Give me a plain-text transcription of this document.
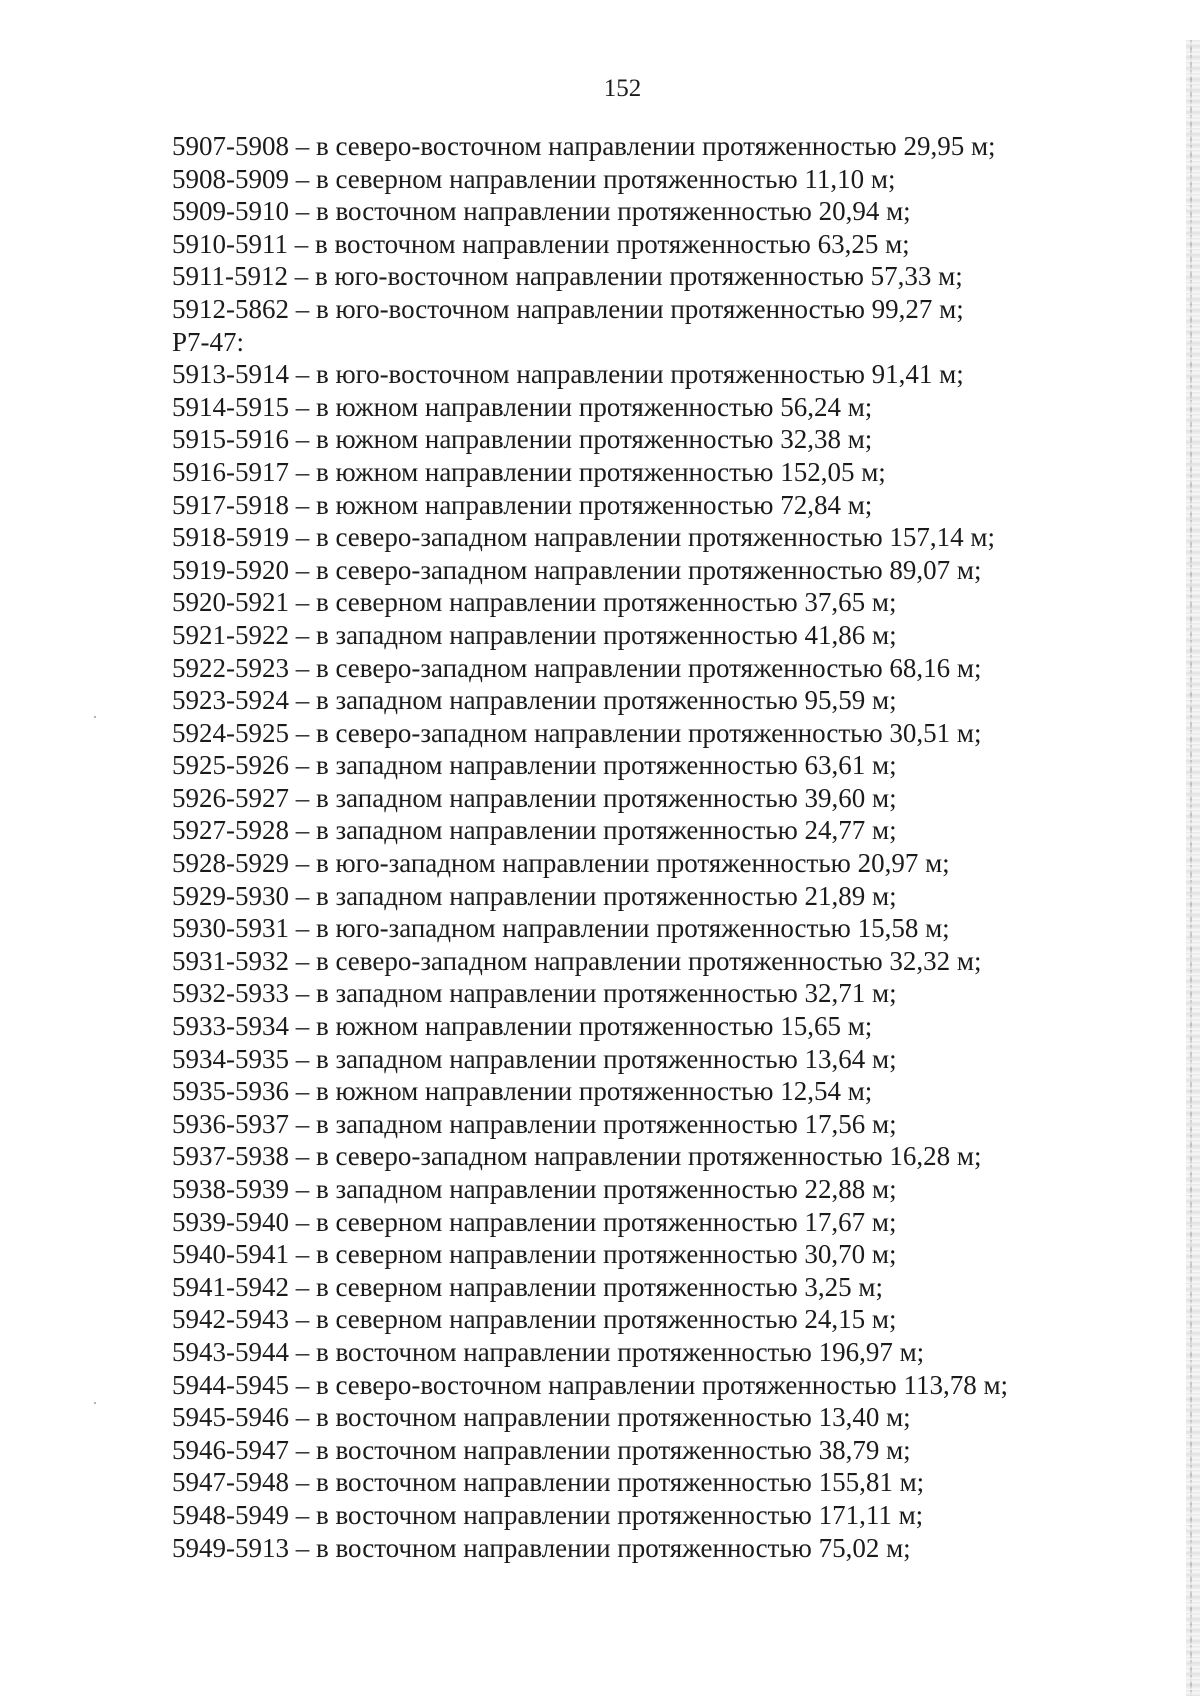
152
5907-5908 – в северо-восточном направлении протяженностью 29,95 м;
5908-5909 – в северном направлении протяженностью 11,10 м;
5909-5910 – в восточном направлении протяженностью 20,94 м;
5910-5911 – в восточном направлении протяженностью 63,25 м;
5911-5912 – в юго-восточном направлении протяженностью 57,33 м;
5912-5862 – в юго-восточном направлении протяженностью 99,27 м;
Р7-47:
5913-5914 – в юго-восточном направлении протяженностью 91,41 м;
5914-5915 – в южном направлении протяженностью 56,24 м;
5915-5916 – в южном направлении протяженностью 32,38 м;
5916-5917 – в южном направлении протяженностью 152,05 м;
5917-5918 – в южном направлении протяженностью 72,84 м;
5918-5919 – в северо-западном направлении протяженностью 157,14 м;
5919-5920 – в северо-западном направлении протяженностью 89,07 м;
5920-5921 – в северном направлении протяженностью 37,65 м;
5921-5922 – в западном направлении протяженностью 41,86 м;
5922-5923 – в северо-западном направлении протяженностью 68,16 м;
5923-5924 – в западном направлении протяженностью 95,59 м;
5924-5925 – в северо-западном направлении протяженностью 30,51 м;
5925-5926 – в западном направлении протяженностью 63,61 м;
5926-5927 – в западном направлении протяженностью 39,60 м;
5927-5928 – в западном направлении протяженностью 24,77 м;
5928-5929 – в юго-западном направлении протяженностью 20,97 м;
5929-5930 – в западном направлении протяженностью 21,89 м;
5930-5931 – в юго-западном направлении протяженностью 15,58 м;
5931-5932 – в северо-западном направлении протяженностью 32,32 м;
5932-5933 – в западном направлении протяженностью 32,71 м;
5933-5934 – в южном направлении протяженностью 15,65 м;
5934-5935 – в западном направлении протяженностью 13,64 м;
5935-5936 – в южном направлении протяженностью 12,54 м;
5936-5937 – в западном направлении протяженностью 17,56 м;
5937-5938 – в северо-западном направлении протяженностью 16,28 м;
5938-5939 – в западном направлении протяженностью 22,88 м;
5939-5940 – в северном направлении протяженностью 17,67 м;
5940-5941 – в северном направлении протяженностью 30,70 м;
5941-5942 – в северном направлении протяженностью 3,25 м;
5942-5943 – в северном направлении протяженностью 24,15 м;
5943-5944 – в восточном направлении протяженностью 196,97 м;
5944-5945 – в северо-восточном направлении протяженностью 113,78 м;
5945-5946 – в восточном направлении протяженностью 13,40 м;
5946-5947 – в восточном направлении протяженностью 38,79 м;
5947-5948 – в восточном направлении протяженностью 155,81 м;
5948-5949 – в восточном направлении протяженностью 171,11 м;
5949-5913 – в восточном направлении протяженностью 75,02 м;
